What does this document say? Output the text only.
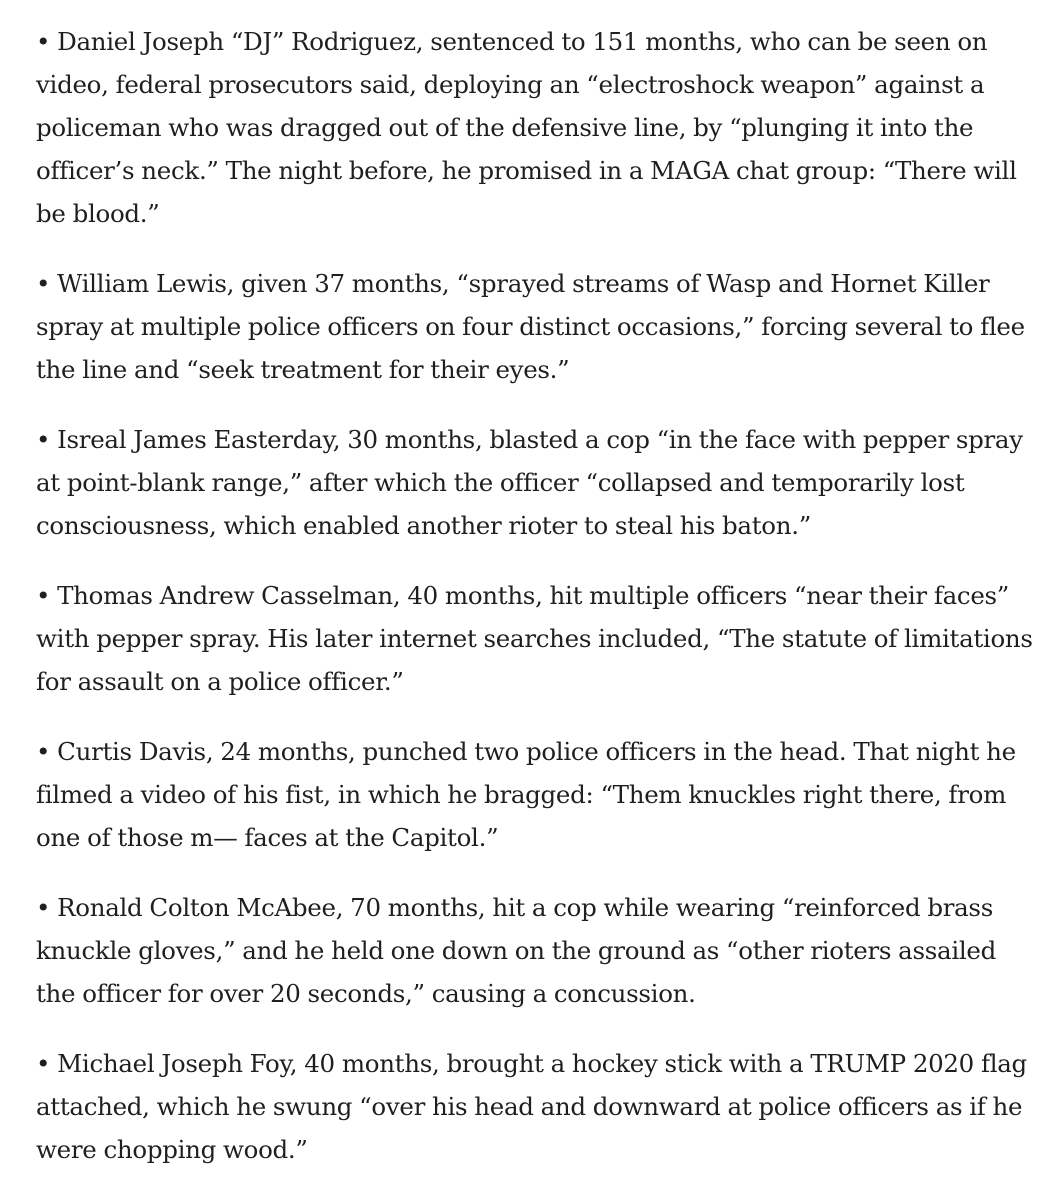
• Daniel Joseph “DJ” Rodriguez, sentenced to 151 months, who can be seen on video, federal prosecutors said, deploying an “electroshock weapon” against a policeman who was dragged out of the defensive line, by “plunging it into the officer’s neck.” The night before, he promised in a MAGA chat group: “There will be blood.”

• William Lewis, given 37 months, “sprayed streams of Wasp and Hornet Killer spray at multiple police officers on four distinct occasions,” forcing several to flee the line and “seek treatment for their eyes.”

• Isreal James Easterday, 30 months, blasted a cop “in the face with pepper spray at point-blank range,” after which the officer “collapsed and temporarily lost consciousness, which enabled another rioter to steal his baton.”

• Thomas Andrew Casselman, 40 months, hit multiple officers “near their faces” with pepper spray. His later internet searches included, “The statute of limitations for assault on a police officer.”

• Curtis Davis, 24 months, punched two police officers in the head. That night he filmed a video of his fist, in which he bragged: “Them knuckles right there, from one of those m— faces at the Capitol.”

• Ronald Colton McAbee, 70 months, hit a cop while wearing “reinforced brass knuckle gloves,” and he held one down on the ground as “other rioters assailed the officer for over 20 seconds,” causing a concussion.

• Michael Joseph Foy, 40 months, brought a hockey stick with a TRUMP 2020 flag attached, which he swung “over his head and downward at police officers as if he were chopping wood.”
